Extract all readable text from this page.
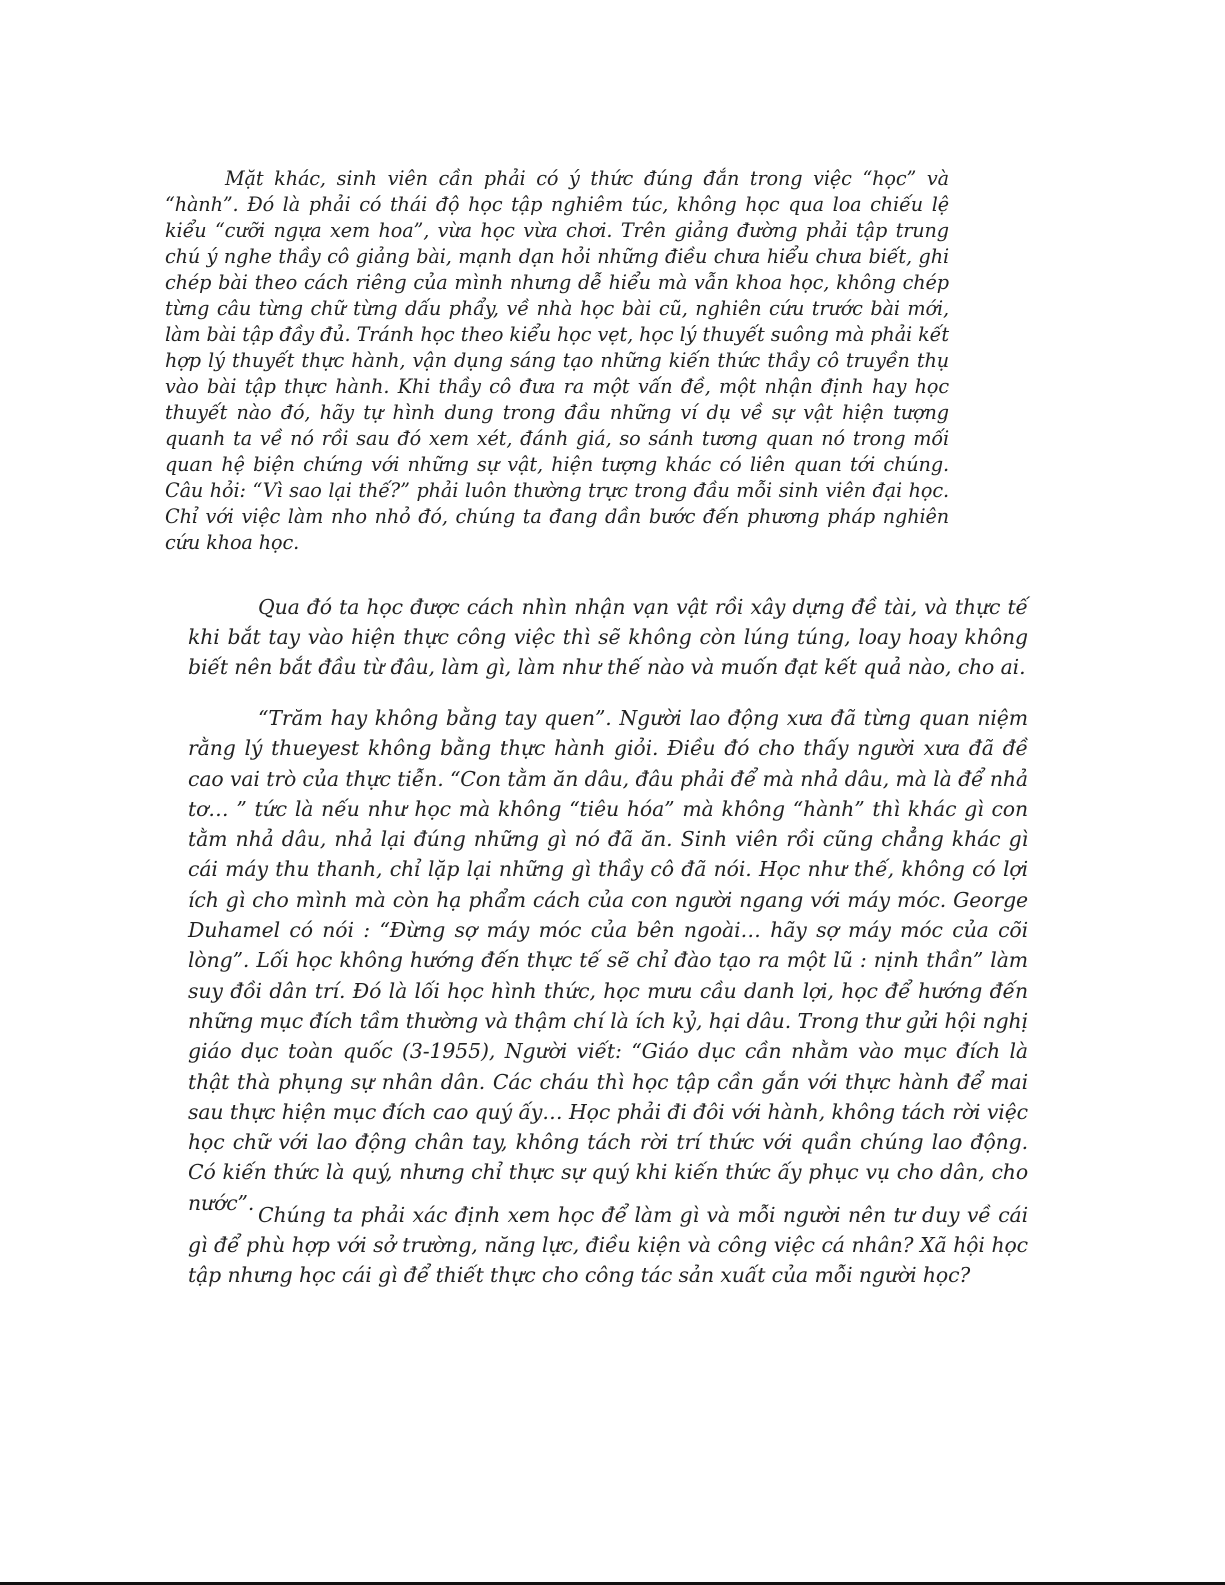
Mặt khác, sinh viên cần phải có ý thức đúng đắn trong việc “học” và “hành”. Đó là phải có thái độ học tập nghiêm túc, không học qua loa chiếu lệ kiểu “cưỡi ngựa xem hoa”, vừa học vừa chơi. Trên giảng đường phải tập trung chú ý nghe thầy cô giảng bài, mạnh dạn hỏi những điều chưa hiểu chưa biết, ghi chép bài theo cách riêng của mình nhưng dễ hiểu mà vẫn khoa học, không chép từng câu từng chữ từng dấu phẩy, về nhà học bài cũ, nghiên cứu trước bài mới, làm bài tập đầy đủ. Tránh học theo kiểu học vẹt, học lý thuyết suông mà phải kết hợp lý thuyết thực hành, vận dụng sáng tạo những kiến thức thầy cô truyền thụ vào bài tập thực hành. Khi thầy cô đưa ra một vấn đề, một nhận định hay học thuyết nào đó, hãy tự hình dung trong đầu những ví dụ về sự vật hiện tượng quanh ta về nó rồi sau đó xem xét, đánh giá, so sánh tương quan nó trong mối quan hệ biện chứng với những sự vật, hiện tượng khác có liên quan tới chúng. Câu hỏi: “Vì sao lại thế?” phải luôn thường trực trong đầu mỗi sinh viên đại học. Chỉ với việc làm nho nhỏ đó, chúng ta đang dần bước đến phương pháp nghiên cứu khoa học.

Qua đó ta học được cách nhìn nhận vạn vật rồi xây dựng đề tài, và thực tế khi bắt tay vào hiện thực công việc thì sẽ không còn lúng túng, loay hoay không biết nên bắt đầu từ đâu, làm gì, làm như thế nào và muốn đạt kết quả nào, cho ai.

“Trăm hay không bằng tay quen”. Người lao động xưa đã từng quan niệm rằng lý thueyest không bằng thực hành giỏi. Điều đó cho thấy người xưa đã đề cao vai trò của thực tiễn. “Con tằm ăn dâu, đâu phải để mà nhả dâu, mà là để nhả tơ… ” tức là nếu như học mà không “tiêu hóa” mà không “hành” thì khác gì con tằm nhả dâu, nhả lại đúng những gì nó đã ăn. Sinh viên rồi cũng chẳng khác gì cái máy thu thanh, chỉ lặp lại những gì thầy cô đã nói. Học như thế, không có lợi ích gì cho mình mà còn hạ phẩm cách của con người ngang với máy móc. George Duhamel có nói : “Đừng sợ máy móc của bên ngoài… hãy sợ máy móc của cõi lòng”. Lối học không hướng đến thực tế sẽ chỉ đào tạo ra một lũ : nịnh thần” làm suy đồi dân trí. Đó là lối học hình thức, học mưu cầu danh lợi, học để hướng đến những mục đích tầm thường và thậm chí là ích kỷ, hại dâu. Trong thư gửi hội nghị giáo dục toàn quốc (3-1955), Người viết: “Giáo dục cần nhằm vào mục đích là thật thà phụng sự nhân dân. Các cháu thì học tập cần gắn với thực hành để mai sau thực hiện mục đích cao quý ấy… Học phải đi đôi với hành, không tách rời việc học chữ với lao động chân tay, không tách rời trí thức với quần chúng lao động. Có kiến thức là quý, nhưng chỉ thực sự quý khi kiến thức ấy phục vụ cho dân, cho nước”.

Chúng ta phải xác định xem học để làm gì và mỗi người nên tư duy về cái gì để phù hợp với sở trường, năng lực, điều kiện và công việc cá nhân? Xã hội học tập nhưng học cái gì để thiết thực cho công tác sản xuất của mỗi người học?
